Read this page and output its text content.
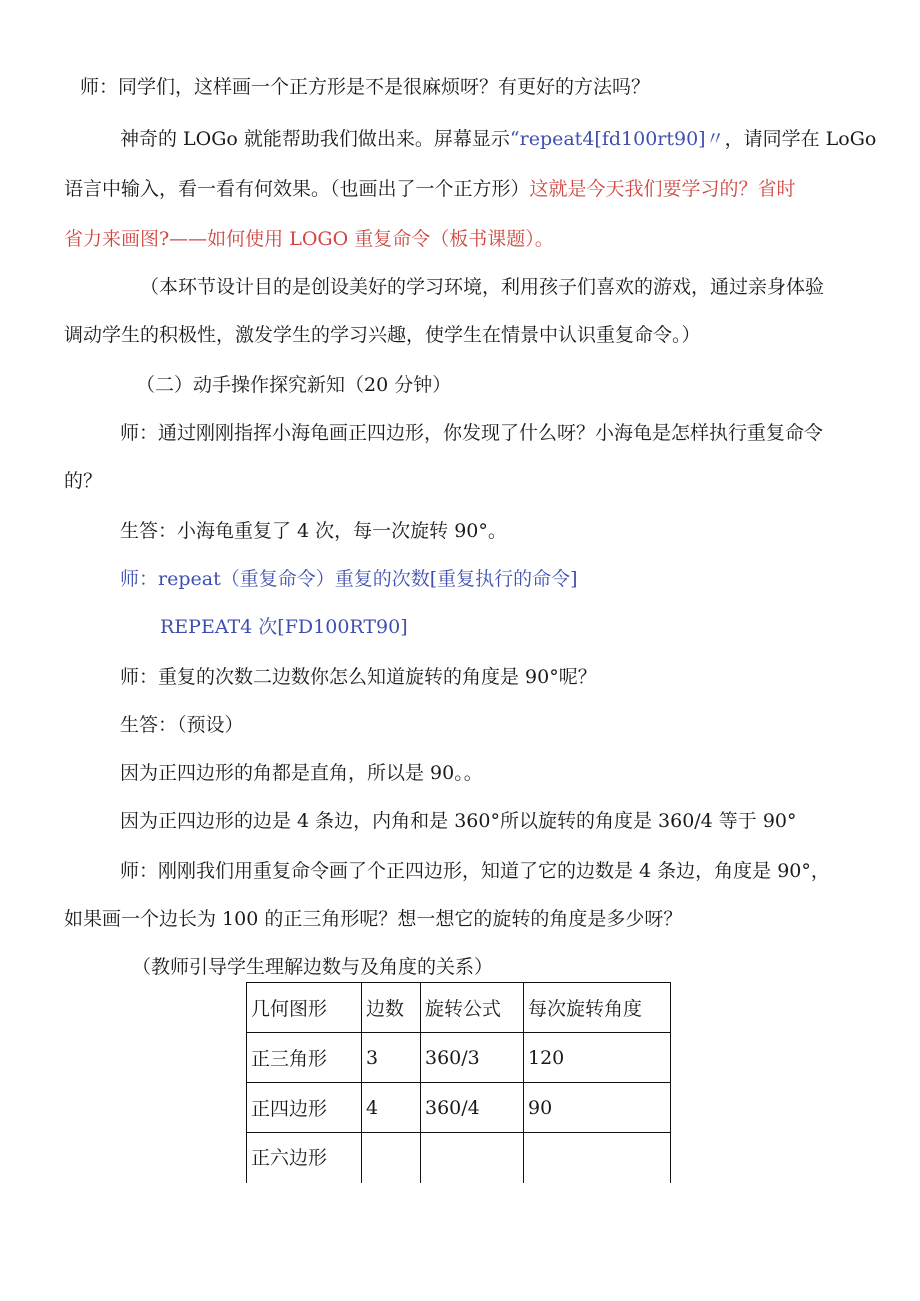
师：同学们，这样画一个正方形是不是很麻烦呀？有更好的方法吗？
神奇的 LOGo 就能帮助我们做出来。屏幕显示“repeat4[fd100rt90]〃，请同学在 LoGo
语言中输入，看一看有何效果。（也画出了一个正方形）这就是今天我们要学习的？省时
省力来画图?——如何使用 LOGO 重复命令（板书课题）。
（本环节设计目的是创设美好的学习环境，利用孩子们喜欢的游戏，通过亲身体验
调动学生的积极性，激发学生的学习兴趣，使学生在情景中认识重复命令。）
（二）动手操作探究新知（20 分钟）
师：通过刚刚指挥小海龟画正四边形，你发现了什么呀？小海龟是怎样执行重复命令
的？
生答：小海龟重复了 4 次，每一次旋转 90°。
师：repeat（重复命令）重复的次数[重复执行的命令]
REPEAT4 次[FD100RT90]
师：重复的次数二边数你怎么知道旋转的角度是 90°呢？
生答：（预设）
因为正四边形的角都是直角，所以是 90。。
因为正四边形的边是 4 条边，内角和是 360°所以旋转的角度是 360/4 等于 90°
师：刚刚我们用重复命令画了个正四边形，知道了它的边数是 4 条边，角度是 90°，
如果画一个边长为 100 的正三角形呢？想一想它的旋转的角度是多少呀？
（教师引导学生理解边数与及角度的关系）
几何图形	边数	旋转公式	每次旋转角度
正三角形	3	360/3	120
正四边形	4	360/4	90
正六边形			
